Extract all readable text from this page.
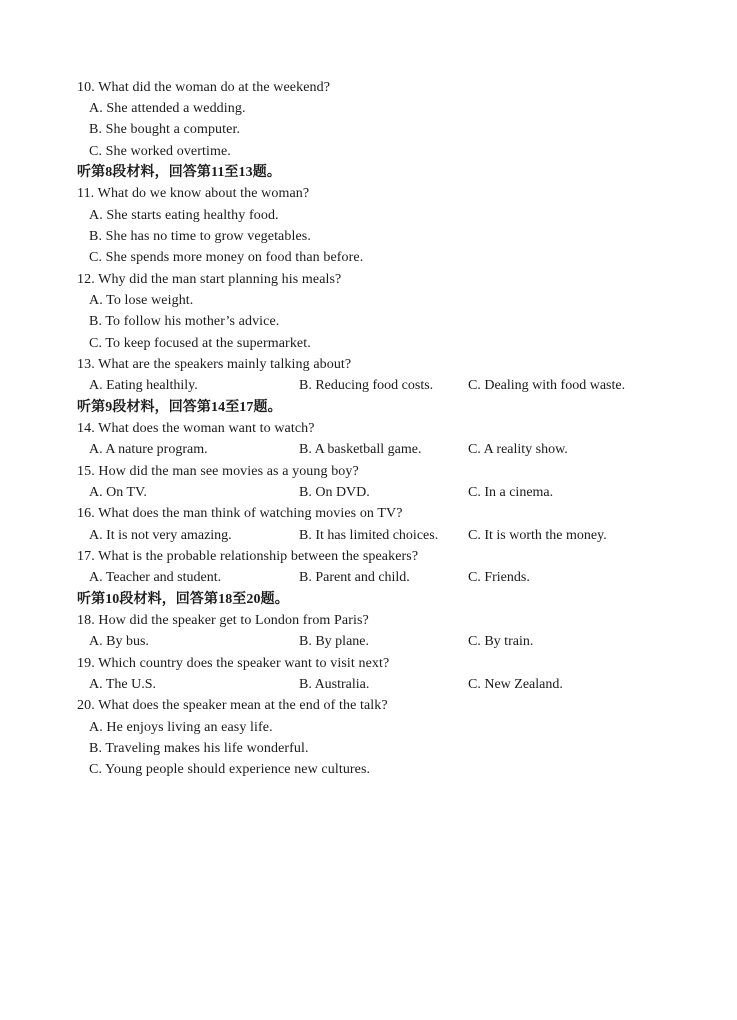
10. What did the woman do at the weekend?
A. She attended a wedding.
B. She bought a computer.
C. She worked overtime.
听第8段材料，回答第11至13题。
11. What do we know about the woman?
A. She starts eating healthy food.
B. She has no time to grow vegetables.
C. She spends more money on food than before.
12. Why did the man start planning his meals?
A. To lose weight.
B. To follow his mother’s advice.
C. To keep focused at the supermarket.
13. What are the speakers mainly talking about?
A. Eating healthily.	B. Reducing food costs. C. Dealing with food waste.
听第9段材料，回答第14至17题。
14. What does the woman want to watch?
A. A nature program.	B. A basketball game.	C. A reality show.
15. How did the man see movies as a young boy?
A. On TV.	B. On DVD.	C. In a cinema.
16. What does the man think of watching movies on TV?
A. It is not very amazing.	B. It has limited choices. C. It is worth the money.
17. What is the probable relationship between the speakers?
A. Teacher and student.	B. Parent and child.	C. Friends.
听第10段材料，回答第18至20题。
18. How did the speaker get to London from Paris?
A. By bus.	B. By plane.	C. By train.
19. Which country does the speaker want to visit next?
A. The U.S.	B. Australia.	C. New Zealand.
20. What does the speaker mean at the end of the talk?
A. He enjoys living an easy life.
B. Traveling makes his life wonderful.
C. Young people should experience new cultures.
